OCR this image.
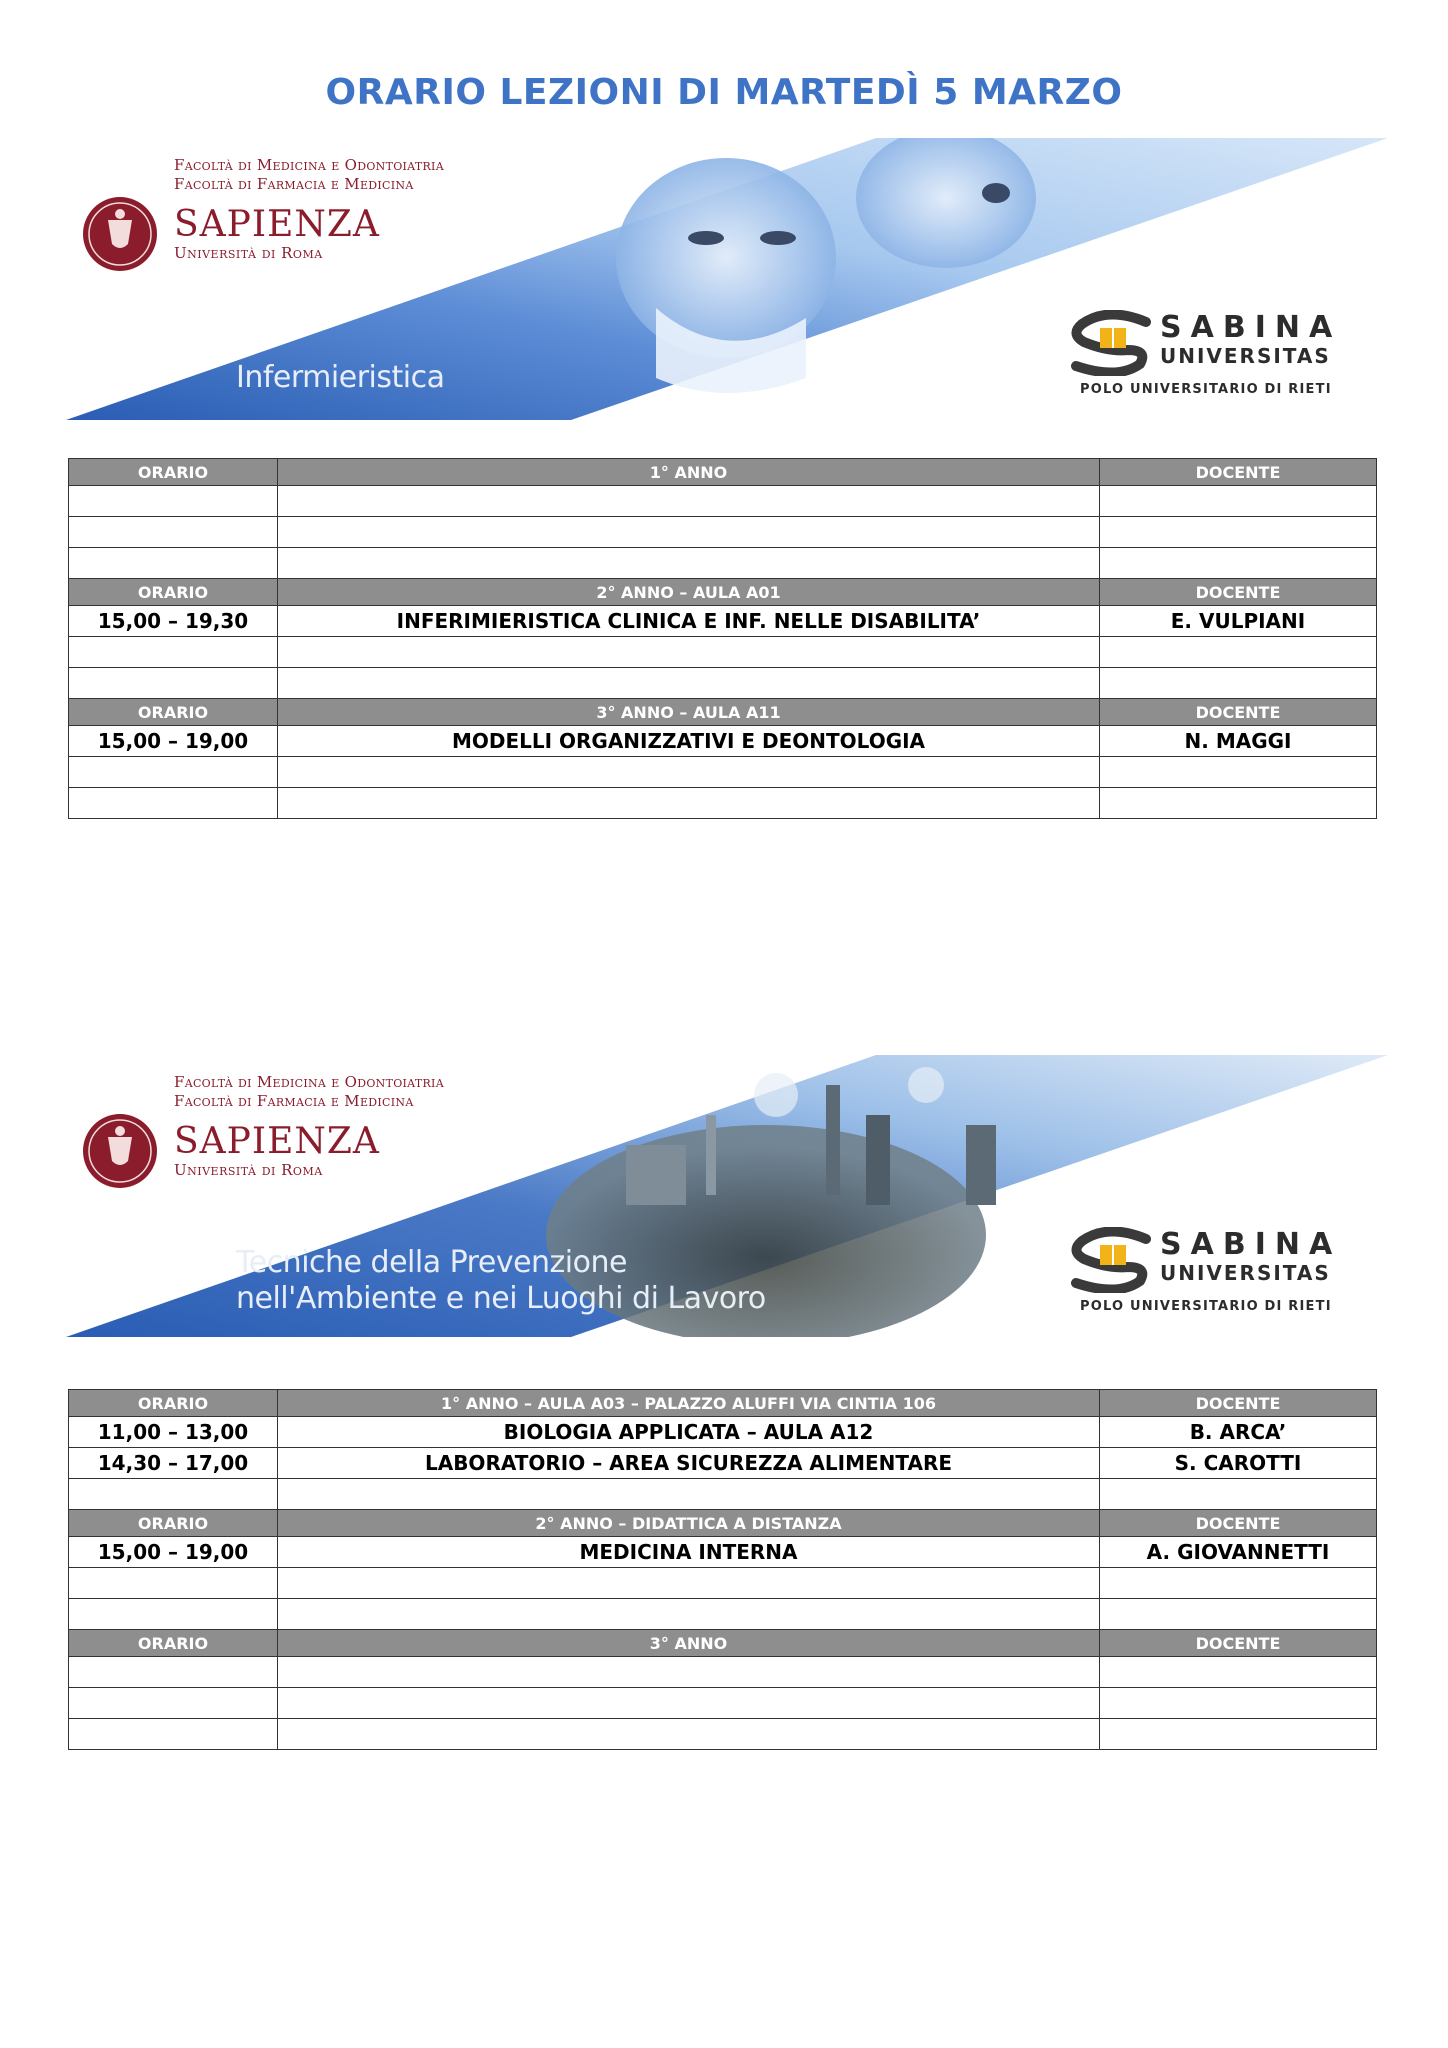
ORARIO LEZIONI DI MARTEDÌ 5 MARZO
Facoltà di Medicina e Odontoiatria
Facoltà di Farmacia e Medicina
SAPIENZA
Università di Roma
Infermieristica
SABINA
UNIVERSITAS
POLO UNIVERSITARIO DI RIETI
ORARIO	1° ANNO	DOCENTE

ORARIO	2° ANNO – AULA A01	DOCENTE
15,00 – 19,30	INFERIMIERISTICA CLINICA E INF. NELLE DISABILITA’	E. VULPIANI

ORARIO	3° ANNO – AULA A11	DOCENTE
15,00 – 19,00	MODELLI ORGANIZZATIVI E DEONTOLOGIA	N. MAGGI

Facoltà di Medicina e Odontoiatria
Facoltà di Farmacia e Medicina
SAPIENZA
Università di Roma
Tecniche della Prevenzione
nell'Ambiente e nei Luoghi di Lavoro
SABINA
UNIVERSITAS
POLO UNIVERSITARIO DI RIETI
ORARIO	1° ANNO – AULA A03 – PALAZZO ALUFFI VIA CINTIA 106	DOCENTE
11,00 – 13,00	BIOLOGIA APPLICATA – AULA A12	B. ARCA’
14,30 – 17,00	LABORATORIO – AREA SICUREZZA ALIMENTARE	S. CAROTTI

ORARIO	2° ANNO – DIDATTICA A DISTANZA	DOCENTE
15,00 – 19,00	MEDICINA INTERNA	A. GIOVANNETTI

ORARIO	3° ANNO	DOCENTE
